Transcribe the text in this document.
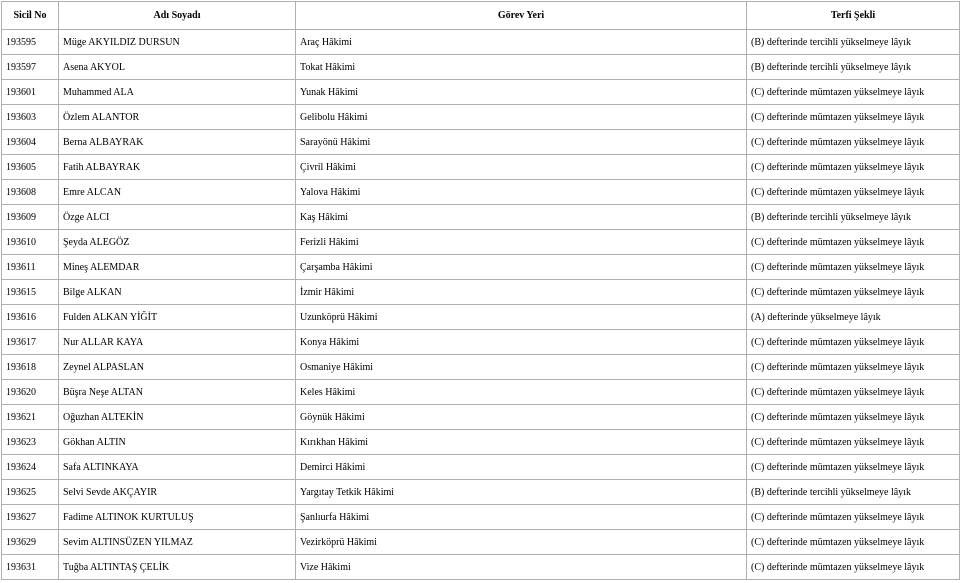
Sicil No	Adı Soyadı	Görev Yeri	Terfi Şekli
193595	Müge AKYILDIZ DURSUN	Araç Hâkimi	(B) defterinde tercihli yükselmeye lâyık
193597	Asena AKYOL	Tokat Hâkimi	(B) defterinde tercihli yükselmeye lâyık
193601	Muhammed ALA	Yunak Hâkimi	(C) defterinde mümtazen yükselmeye lâyık
193603	Özlem ALANTOR	Gelibolu Hâkimi	(C) defterinde mümtazen yükselmeye lâyık
193604	Berna ALBAYRAK	Sarayönü Hâkimi	(C) defterinde mümtazen yükselmeye lâyık
193605	Fatih ALBAYRAK	Çivril Hâkimi	(C) defterinde mümtazen yükselmeye lâyık
193608	Emre ALCAN	Yalova Hâkimi	(C) defterinde mümtazen yükselmeye lâyık
193609	Özge ALCI	Kaş Hâkimi	(B) defterinde tercihli yükselmeye lâyık
193610	Şeyda ALEGÖZ	Ferizli Hâkimi	(C) defterinde mümtazen yükselmeye lâyık
193611	Mineş ALEMDAR	Çarşamba Hâkimi	(C) defterinde mümtazen yükselmeye lâyık
193615	Bilge ALKAN	İzmir Hâkimi	(C) defterinde mümtazen yükselmeye lâyık
193616	Fulden ALKAN YİĞİT	Uzunköprü Hâkimi	(A) defterinde yükselmeye lâyık
193617	Nur ALLAR KAYA	Konya Hâkimi	(C) defterinde mümtazen yükselmeye lâyık
193618	Zeynel ALPASLAN	Osmaniye Hâkimi	(C) defterinde mümtazen yükselmeye lâyık
193620	Büşra Neşe ALTAN	Keles Hâkimi	(C) defterinde mümtazen yükselmeye lâyık
193621	Oğuzhan ALTEKİN	Göynük Hâkimi	(C) defterinde mümtazen yükselmeye lâyık
193623	Gökhan ALTIN	Kırıkhan Hâkimi	(C) defterinde mümtazen yükselmeye lâyık
193624	Safa ALTINKAYA	Demirci Hâkimi	(C) defterinde mümtazen yükselmeye lâyık
193625	Selvi Sevde AKÇAYIR	Yargıtay Tetkik Hâkimi	(B) defterinde tercihli yükselmeye lâyık
193627	Fadime ALTINOK KURTULUŞ	Şanlıurfa Hâkimi	(C) defterinde mümtazen yükselmeye lâyık
193629	Sevim ALTINSÜZEN YILMAZ	Vezirköprü Hâkimi	(C) defterinde mümtazen yükselmeye lâyık
193631	Tuğba ALTINTAŞ ÇELİK	Vize Hâkimi	(C) defterinde mümtazen yükselmeye lâyık
